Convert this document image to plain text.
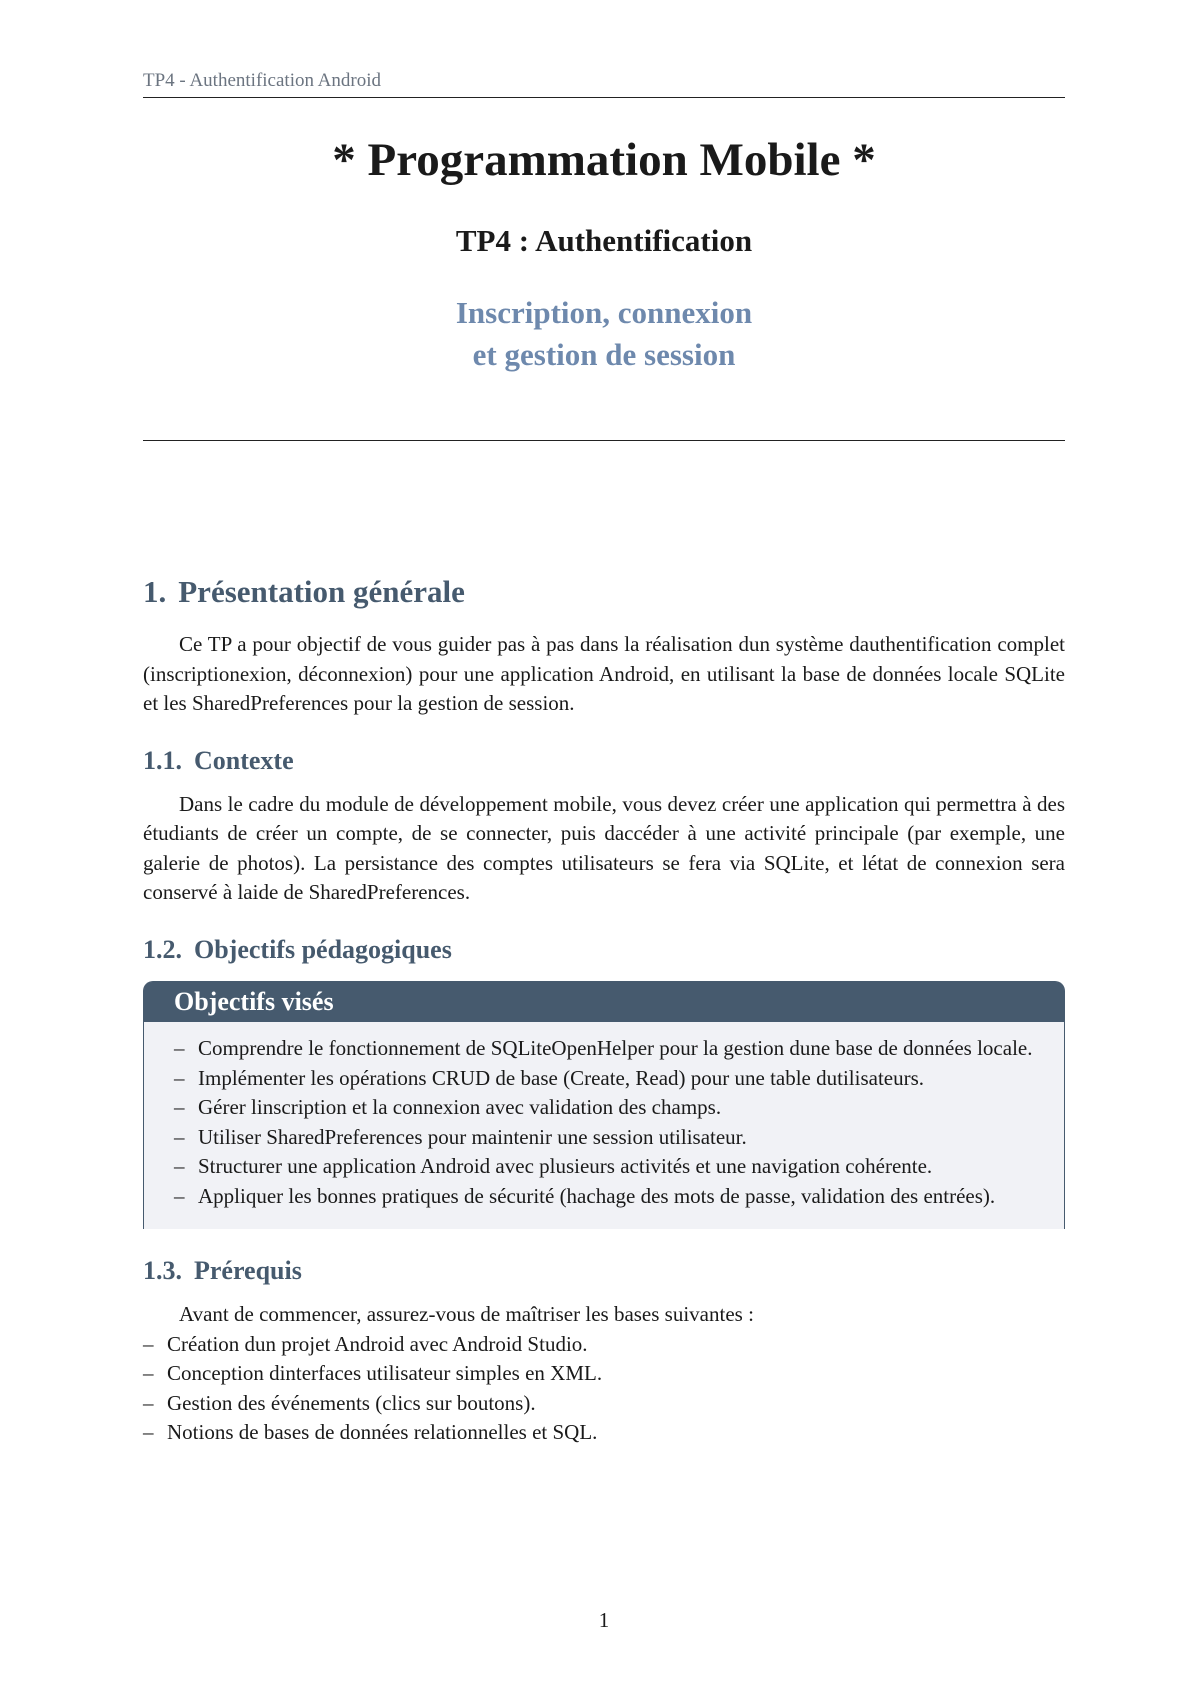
TP4 - Authentification Android
* Programmation Mobile *
TP4 : Authentification
Inscription, connexion
et gestion de session
1. Présentation générale

Ce TP a pour objectif de vous guider pas à pas dans la réalisation dun système dauthentification complet (inscriptionexion, déconnexion) pour une application Android, en utilisant la base de données locale SQLite et les SharedPreferences pour la gestion de session.

1.1. Contexte

Dans le cadre du module de développement mobile, vous devez créer une application qui permettra à des étudiants de créer un compte, de se connecter, puis daccéder à une activité principale (par exemple, une galerie de photos). La persistance des comptes utilisateurs se fera via SQLite, et létat de connexion sera conservé à laide de SharedPreferences.

1.2. Objectifs pédagogiques
Objectifs visés
– Comprendre le fonctionnement de SQLiteOpenHelper pour la gestion dune base de données locale.
– Implémenter les opérations CRUD de base (Create, Read) pour une table dutilisateurs.
– Gérer linscription et la connexion avec validation des champs.
– Utiliser SharedPreferences pour maintenir une session utilisateur.
– Structurer une application Android avec plusieurs activités et une navigation cohérente.
– Appliquer les bonnes pratiques de sécurité (hachage des mots de passe, validation des entrées).
1.3. Prérequis

Avant de commencer, assurez-vous de maîtriser les bases suivantes :

– Création dun projet Android avec Android Studio.
– Conception dinterfaces utilisateur simples en XML.
– Gestion des événements (clics sur boutons).
– Notions de bases de données relationnelles et SQL.
1
